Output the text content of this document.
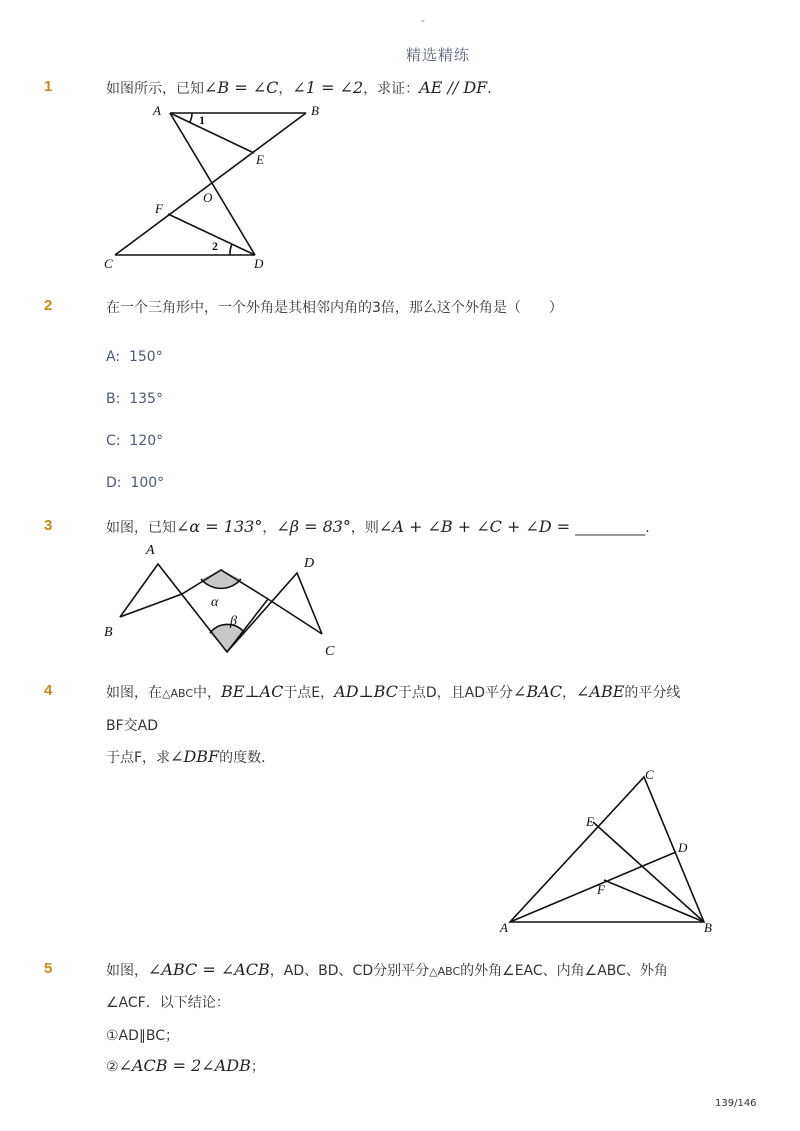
-
精选精练
1	如图所示，已知∠B = ∠C，∠1 = ∠2，求证：AE // DF.
A	B
E
O
F
C	D
1
2
2	在一个三角形中，一个外角是其相邻内角的3倍，那么这个外角是（　　）
A: 150°
B: 135°
C: 120°
D: 100°
3	如图，已知∠α = 133°，∠β = 83°，则∠A + ∠B + ∠C + ∠D = __________.
A
B
C
D
α
β
4	如图，在△ABC中，BE⊥AC于点E，AD⊥BC于点D，且AD平分∠BAC，∠ABE的平分线
BF交AD
于点F，求∠DBF的度数．
A	B
C
D
E
F
5	如图，∠ABC = ∠ACB，AD、BD、CD分别平分△ABC的外角∠EAC、内角∠ABC、外角
∠ACF．以下结论：
①AD∥BC；
②∠ACB = 2∠ADB；
139/146
